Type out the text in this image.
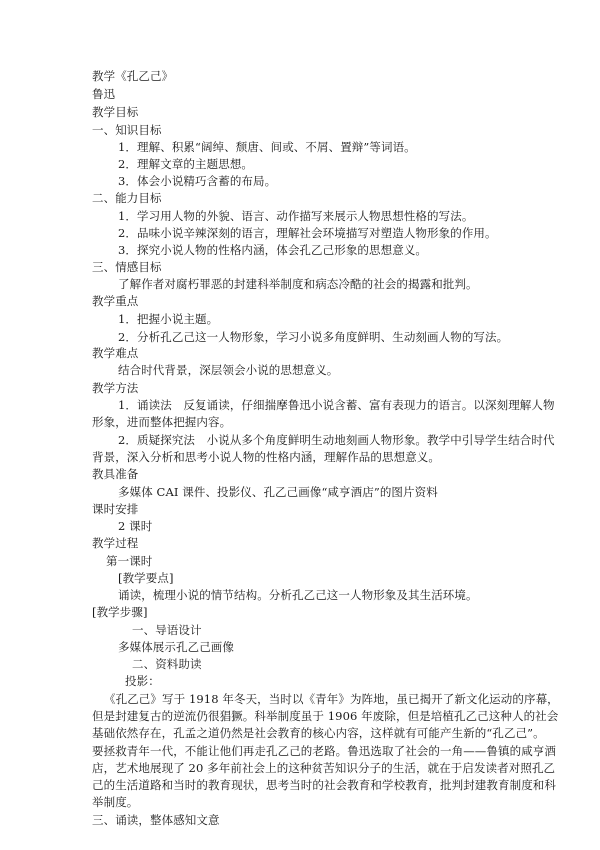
教学《孔乙己》
鲁迅
教学目标
一、知识目标
1．理解、积累“阔绰、颓唐、间或、不屑、置辩”等词语。
2．理解文章的主题思想。
3．体会小说精巧含蓄的布局。
二、能力目标
1．学习用人物的外貌、语言、动作描写来展示人物思想性格的写法。
2．品味小说辛辣深刻的语言，理解社会环境描写对塑造人物形象的作用。
3．探究小说人物的性格内涵，体会孔乙己形象的思想意义。
三、情感目标
了解作者对腐朽罪恶的封建科举制度和病态冷酷的社会的揭露和批判。
教学重点
1．把握小说主题。
2．分析孔乙己这一人物形象，学习小说多角度鲜明、生动刻画人物的写法。
教学难点
结合时代背景，深层领会小说的思想意义。
教学方法
1．诵读法　反复诵读，仔细揣摩鲁迅小说含蓄、富有表现力的语言。以深刻理解人物
形象，进而整体把握内容。
2．质疑探究法　小说从多个角度鲜明生动地刻画人物形象。教学中引导学生结合时代
背景，深入分析和思考小说人物的性格内涵，理解作品的思想意义。
教具准备
多媒体 CAI 课件、投影仪、孔乙己画像“咸亨酒店”的图片资料
课时安排
2 课时
教学过程
第一课时
[教学要点]
诵读，梳理小说的情节结构。分析孔乙己这一人物形象及其生活环境。
[教学步骤]
一、导语设计
多媒体展示孔乙己画像
二、资料助读
投影：
《孔乙己》写于 1918 年冬天，当时以《青年》为阵地，虽已揭开了新文化运动的序幕，
但是封建复古的逆流仍很猖獗。科举制度虽于 1906 年废除，但是培植孔乙己这种人的社会
基础依然存在，孔孟之道仍然是社会教育的核心内容，这样就有可能产生新的“孔乙己”。
要拯救青年一代，不能让他们再走孔乙己的老路。鲁迅选取了社会的一角——鲁镇的咸亨酒
店，艺术地展现了 20 多年前社会上的这种贫苦知识分子的生活，就在于启发读者对照孔乙
己的生活道路和当时的教育现状，思考当时的社会教育和学校教育，批判封建教育制度和科
举制度。
三、诵读，整体感知文意
